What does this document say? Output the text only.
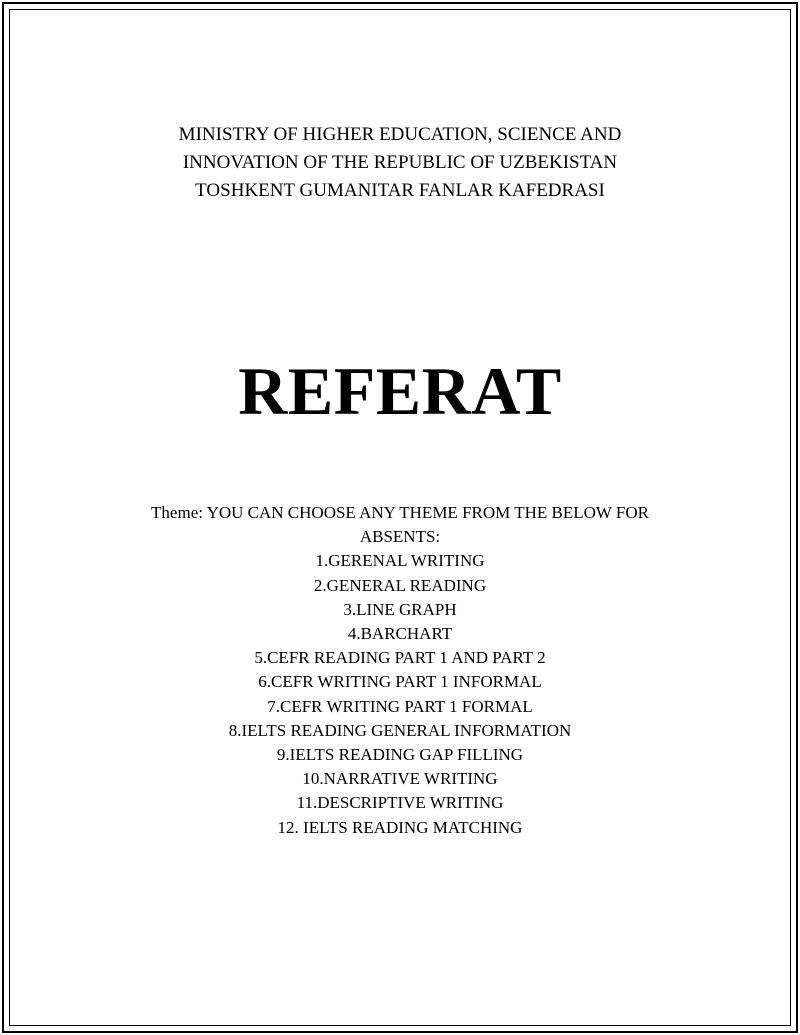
MINISTRY OF HIGHER EDUCATION, SCIENCE AND
INNOVATION OF THE REPUBLIC OF UZBEKISTAN
TOSHKENT GUMANITAR FANLAR KAFEDRASI
REFERAT
Theme: YOU CAN CHOOSE ANY THEME FROM THE BELOW FOR
ABSENTS:
1.GERENAL WRITING
2.GENERAL READING
3.LINE GRAPH
4.BARCHART
5.CEFR READING PART 1 AND PART 2
6.CEFR WRITING PART 1 INFORMAL
7.CEFR WRITING PART 1 FORMAL
8.IELTS READING GENERAL INFORMATION
9.IELTS READING GAP FILLING
10.NARRATIVE WRITING
11.DESCRIPTIVE WRITING
12. IELTS READING MATCHING
